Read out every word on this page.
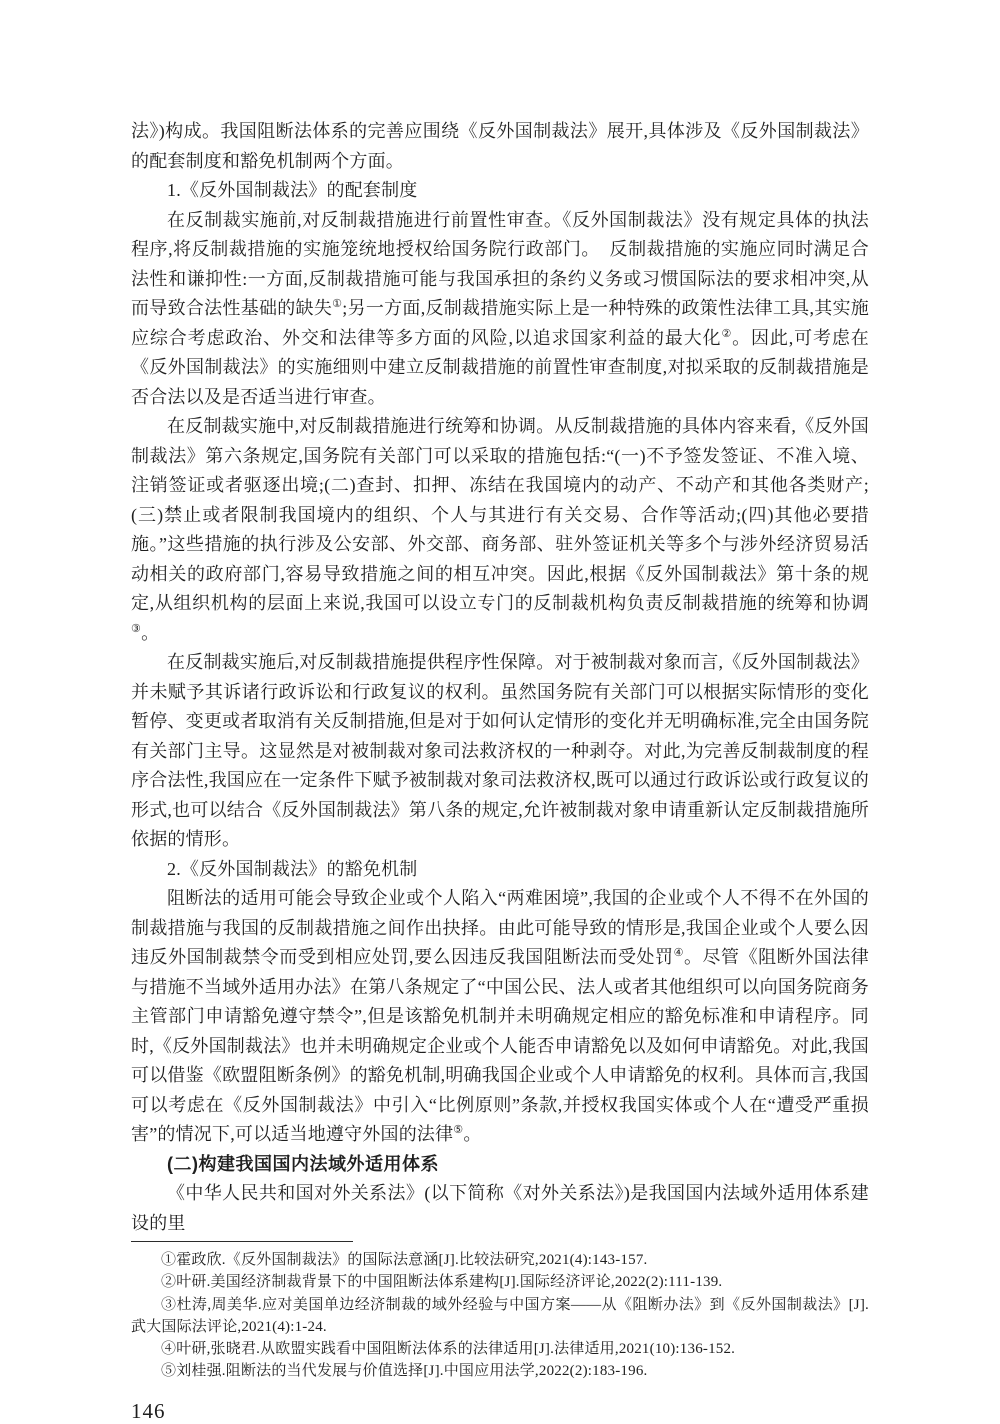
法》)构成。我国阻断法体系的完善应围绕《反外国制裁法》展开,具体涉及《反外国制裁法》的配套制度和豁免机制两个方面。

1.《反外国制裁法》的配套制度

在反制裁实施前,对反制裁措施进行前置性审查。《反外国制裁法》没有规定具体的执法程序,将反制裁措施的实施笼统地授权给国务院行政部门。　反制裁措施的实施应同时满足合法性和谦抑性:一方面,反制裁措施可能与我国承担的条约义务或习惯国际法的要求相冲突,从而导致合法性基础的缺失①;另一方面,反制裁措施实际上是一种特殊的政策性法律工具,其实施应综合考虑政治、外交和法律等多方面的风险,以追求国家利益的最大化②。因此,可考虑在《反外国制裁法》的实施细则中建立反制裁措施的前置性审查制度,对拟采取的反制裁措施是否合法以及是否适当进行审查。

在反制裁实施中,对反制裁措施进行统筹和协调。从反制裁措施的具体内容来看,《反外国制裁法》第六条规定,国务院有关部门可以采取的措施包括:“(一)不予签发签证、不准入境、注销签证或者驱逐出境;(二)查封、扣押、冻结在我国境内的动产、不动产和其他各类财产;(三)禁止或者限制我国境内的组织、个人与其进行有关交易、合作等活动;(四)其他必要措施。”这些措施的执行涉及公安部、外交部、商务部、驻外签证机关等多个与涉外经济贸易活动相关的政府部门,容易导致措施之间的相互冲突。因此,根据《反外国制裁法》第十条的规定,从组织机构的层面上来说,我国可以设立专门的反制裁机构负责反制裁措施的统筹和协调③。

在反制裁实施后,对反制裁措施提供程序性保障。对于被制裁对象而言,《反外国制裁法》并未赋予其诉诸行政诉讼和行政复议的权利。虽然国务院有关部门可以根据实际情形的变化暂停、变更或者取消有关反制措施,但是对于如何认定情形的变化并无明确标准,完全由国务院有关部门主导。这显然是对被制裁对象司法救济权的一种剥夺。对此,为完善反制裁制度的程序合法性,我国应在一定条件下赋予被制裁对象司法救济权,既可以通过行政诉讼或行政复议的形式,也可以结合《反外国制裁法》第八条的规定,允许被制裁对象申请重新认定反制裁措施所依据的情形。

2.《反外国制裁法》的豁免机制

阻断法的适用可能会导致企业或个人陷入“两难困境”,我国的企业或个人不得不在外国的制裁措施与我国的反制裁措施之间作出抉择。由此可能导致的情形是,我国企业或个人要么因违反外国制裁禁令而受到相应处罚,要么因违反我国阻断法而受处罚④。尽管《阻断外国法律与措施不当域外适用办法》在第八条规定了“中国公民、法人或者其他组织可以向国务院商务主管部门申请豁免遵守禁令”,但是该豁免机制并未明确规定相应的豁免标准和申请程序。同时,《反外国制裁法》也并未明确规定企业或个人能否申请豁免以及如何申请豁免。对此,我国可以借鉴《欧盟阻断条例》的豁免机制,明确我国企业或个人申请豁免的权利。具体而言,我国可以考虑在《反外国制裁法》中引入“比例原则”条款,并授权我国实体或个人在“遭受严重损害”的情况下,可以适当地遵守外国的法律⑤。

(二)构建我国国内法域外适用体系

《中华人民共和国对外关系法》(以下简称《对外关系法》)是我国国内法域外适用体系建设的里

①霍政欣.《反外国制裁法》的国际法意涵[J].比较法研究,2021(4):143-157.

②叶研.美国经济制裁背景下的中国阻断法体系建构[J].国际经济评论,2022(2):111-139.

③杜涛,周美华.应对美国单边经济制裁的域外经验与中国方案——从《阻断办法》到《反外国制裁法》[J].武大国际法评论,2021(4):1-24.

④叶研,张晓君.从欧盟实践看中国阻断法体系的法律适用[J].法律适用,2021(10):136-152.

⑤刘桂强.阻断法的当代发展与价值选择[J].中国应用法学,2022(2):183-196.

146
